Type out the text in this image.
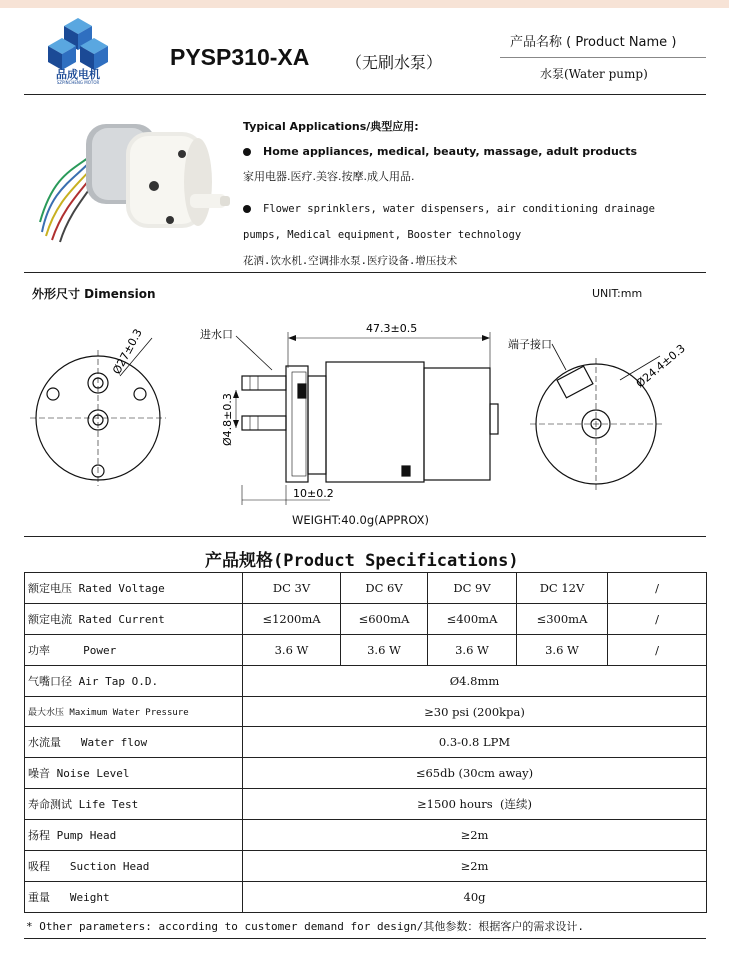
品成电机
SZPINCHENG MOTOR
PYSP310-XA （无刷水泵）
产品名称 ( Product Name )
水泵(Water pump)
Typical Applications/典型应用:
Home appliances, medical, beauty, massage, adult products
家用电器.医疗.美容.按摩.成人用品.
Flower sprinklers, water dispensers, air conditioning drainage
pumps, Medical equipment, Booster technology
花洒.饮水机.空调排水泵.医疗设备.增压技术
外形尺寸 Dimension	UNIT:mm
Ø27±0.3	进水口	47.3±0.5
Ø4.8±0.3
10±0.2
端子接口	Ø24.4±0.3
WEIGHT:40.0g(APPROX)
产品规格(Product Specifications)
额定电压 Rated Voltage	DC 3V	DC 6V	DC 9V	DC 12V	/
额定电流 Rated Current	≤1200mA	≤600mA	≤400mA	≤300mA	/
功率     Power	3.6 W	3.6 W	3.6 W	3.6 W	/
气嘴口径 Air Tap O.D.	Ø4.8mm				
最大水压 Maximum Water Pressure	≥30 psi (200kpa)				
水流量   Water flow	0.3-0.8 LPM				
噪音 Noise Level	≤65db (30cm away)				
寿命测试 Life Test	≥1500 hours  (连续)				
扬程 Pump Head	≥2m				
吸程   Suction Head	≥2m				
重量   Weight	40g				
* Other parameters: according to customer demand for design/其他参数：根据客户的需求设计.
